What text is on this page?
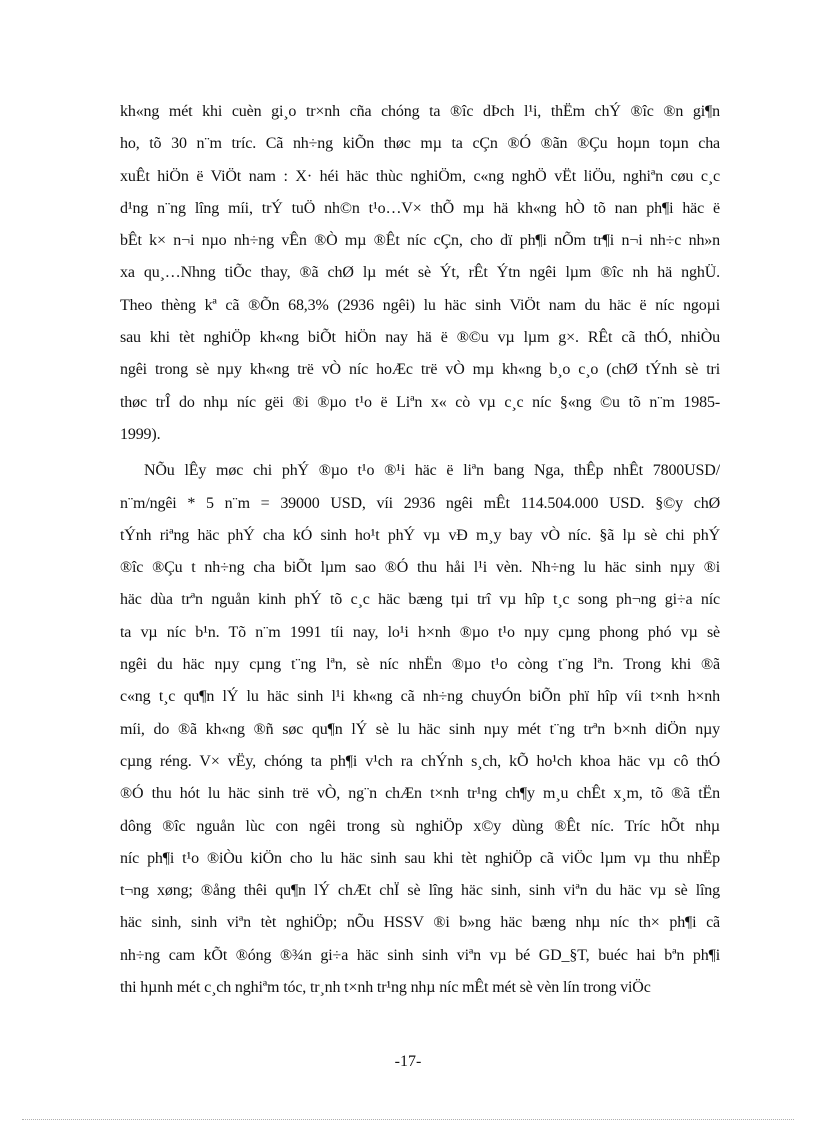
kh«ng mét khi cuèn gi¸o tr×nh cña chóng ta ®îc dÞch l¹i, thËm chÝ ®îc ®n gi¶n
ho, tõ 30 n¨m tríc. Cã nh÷ng kiÕn thøc mµ ta cÇn ®Ó ®ãn ®Çu hoµn toµn cha
xuÊt hiÖn ë ViÖt nam : X· héi häc thùc nghiÖm, c«ng nghÖ vËt liÖu, nghiªn cøu c¸c
d¹ng n¨ng lîng míi, trÝ tuÖ nh©n t¹o…V× thÕ mµ hä kh«ng hÒ tõ nan ph¶i häc ë
bÊt k× n¬i nµo nh÷ng vÊn ®Ò mµ ®Êt níc cÇn, cho dï ph¶i nÕm tr¶i n¬i nh÷c nh»n
xa qu¸…Nhng tiÕc thay, ®ã chØ lµ mét sè Ýt, rÊt Ýtn ngêi lµm ®îc nh hä nghÜ.
Theo thèng kª cã ®Õn 68,3% (2936 ngêi) lu häc sinh ViÖt nam du häc ë níc ngoµi
sau khi tèt nghiÖp kh«ng biÕt hiÖn nay hä ë ®©u vµ lµm g×. RÊt cã thÓ, nhiÒu
ngêi trong sè nµy kh«ng trë vÒ níc hoÆc trë vÒ mµ kh«ng b¸o c¸o (chØ tÝnh sè tri
thøc trÎ do nhµ níc gëi ®i ®µo t¹o ë Liªn x« cò vµ c¸c níc §«ng ©u tõ n¨m 1985-
1999).
NÕu lÊy møc chi phÝ ®µo t¹o ®¹i häc ë liªn bang Nga, thÊp nhÊt 7800USD/
n¨m/ngêi * 5 n¨m = 39000 USD, víi 2936 ngêi mÊt 114.504.000 USD. §©y chØ
tÝnh riªng häc phÝ cha kÓ sinh ho¹t phÝ vµ vÐ m¸y bay vÒ níc. §ã lµ sè chi phÝ
®îc ®Çu t nh÷ng cha biÕt lµm sao ®Ó thu håi l¹i vèn. Nh÷ng lu häc sinh nµy ®i
häc dùa trªn nguån kinh phÝ tõ c¸c häc bæng tµi trî vµ hîp t¸c song ph¬ng gi÷a níc
ta vµ níc b¹n. Tõ n¨m 1991 tíi nay, lo¹i h×nh ®µo t¹o nµy cµng phong phó vµ sè
ngêi du häc nµy cµng t¨ng lªn, sè níc nhËn ®µo t¹o còng t¨ng lªn. Trong khi ®ã
c«ng t¸c qu¶n lÝ lu häc sinh l¹i kh«ng cã nh÷ng chuyÓn biÕn phï hîp víi t×nh h×nh
míi, do ®ã kh«ng ®ñ søc qu¶n lÝ sè lu häc sinh nµy mét t¨ng trªn b×nh diÖn nµy
cµng réng. V× vËy, chóng ta ph¶i v¹ch ra chÝnh s¸ch, kÕ ho¹ch khoa häc vµ cô thÓ
®Ó thu hót lu häc sinh trë vÒ, ng¨n chÆn t×nh tr¹ng ch¶y m¸u chÊt x¸m, tõ ®ã tËn
dông ®îc nguån lùc con ngêi trong sù nghiÖp x©y dùng ®Êt níc. Tríc hÕt nhµ
níc ph¶i t¹o ®iÒu kiÖn cho lu häc sinh sau khi tèt nghiÖp cã viÖc lµm vµ thu nhËp
t¬ng xøng; ®ång thêi qu¶n lÝ chÆt chÏ sè lîng häc sinh, sinh viªn du häc vµ sè lîng
häc sinh, sinh viªn tèt nghiÖp; nÕu HSSV ®i b»ng häc bæng nhµ níc th× ph¶i cã
nh÷ng cam kÕt ®óng ®¾n gi÷a häc sinh sinh viªn vµ bé GD_§T, buéc hai bªn ph¶i
thi hµnh mét c¸ch nghiªm tóc, tr¸nh t×nh tr¹ng nhµ níc mÊt mét sè vèn lín trong viÖc
-17-
